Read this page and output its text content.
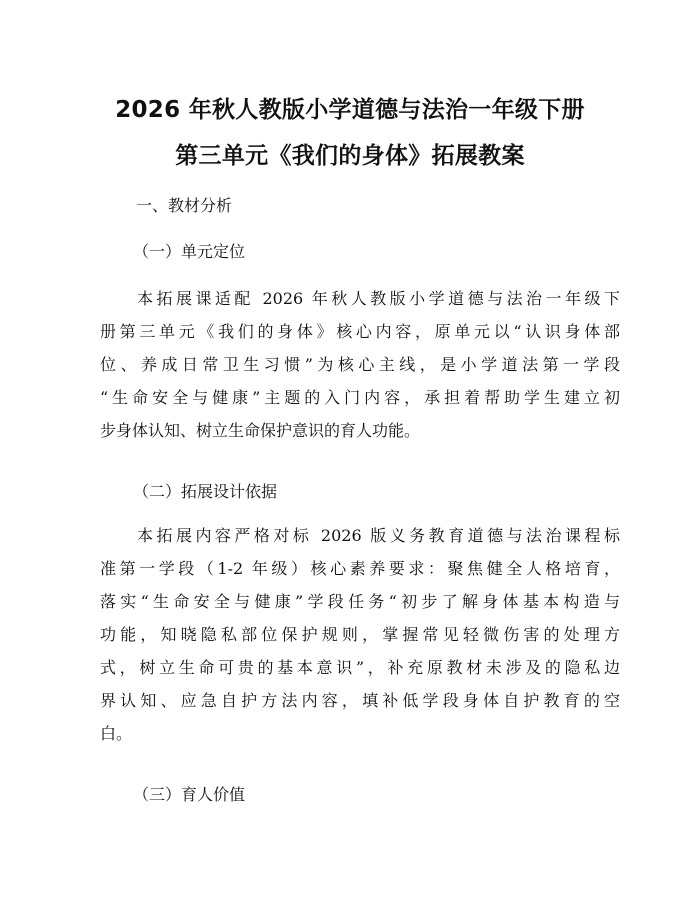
2026 年秋人教版小学道德与法治一年级下册
第三单元《我们的身体》拓展教案
一、教材分析
（一）单元定位
本拓展课适配 2026 年秋人教版小学道德与法治一年级下
册第三单元《我们的身体》核心内容，原单元以“认识身体部
位、养成日常卫生习惯”为核心主线，是小学道法第一学段
“生命安全与健康”主题的入门内容，承担着帮助学生建立初
步身体认知、树立生命保护意识的育人功能。
（二）拓展设计依据
本拓展内容严格对标 2026 版义务教育道德与法治课程标
准第一学段（1-2 年级）核心素养要求：聚焦健全人格培育，
落实“生命安全与健康”学段任务“初步了解身体基本构造与
功能，知晓隐私部位保护规则，掌握常见轻微伤害的处理方
式，树立生命可贵的基本意识”，补充原教材未涉及的隐私边
界认知、应急自护方法内容，填补低学段身体自护教育的空
白。
（三）育人价值
